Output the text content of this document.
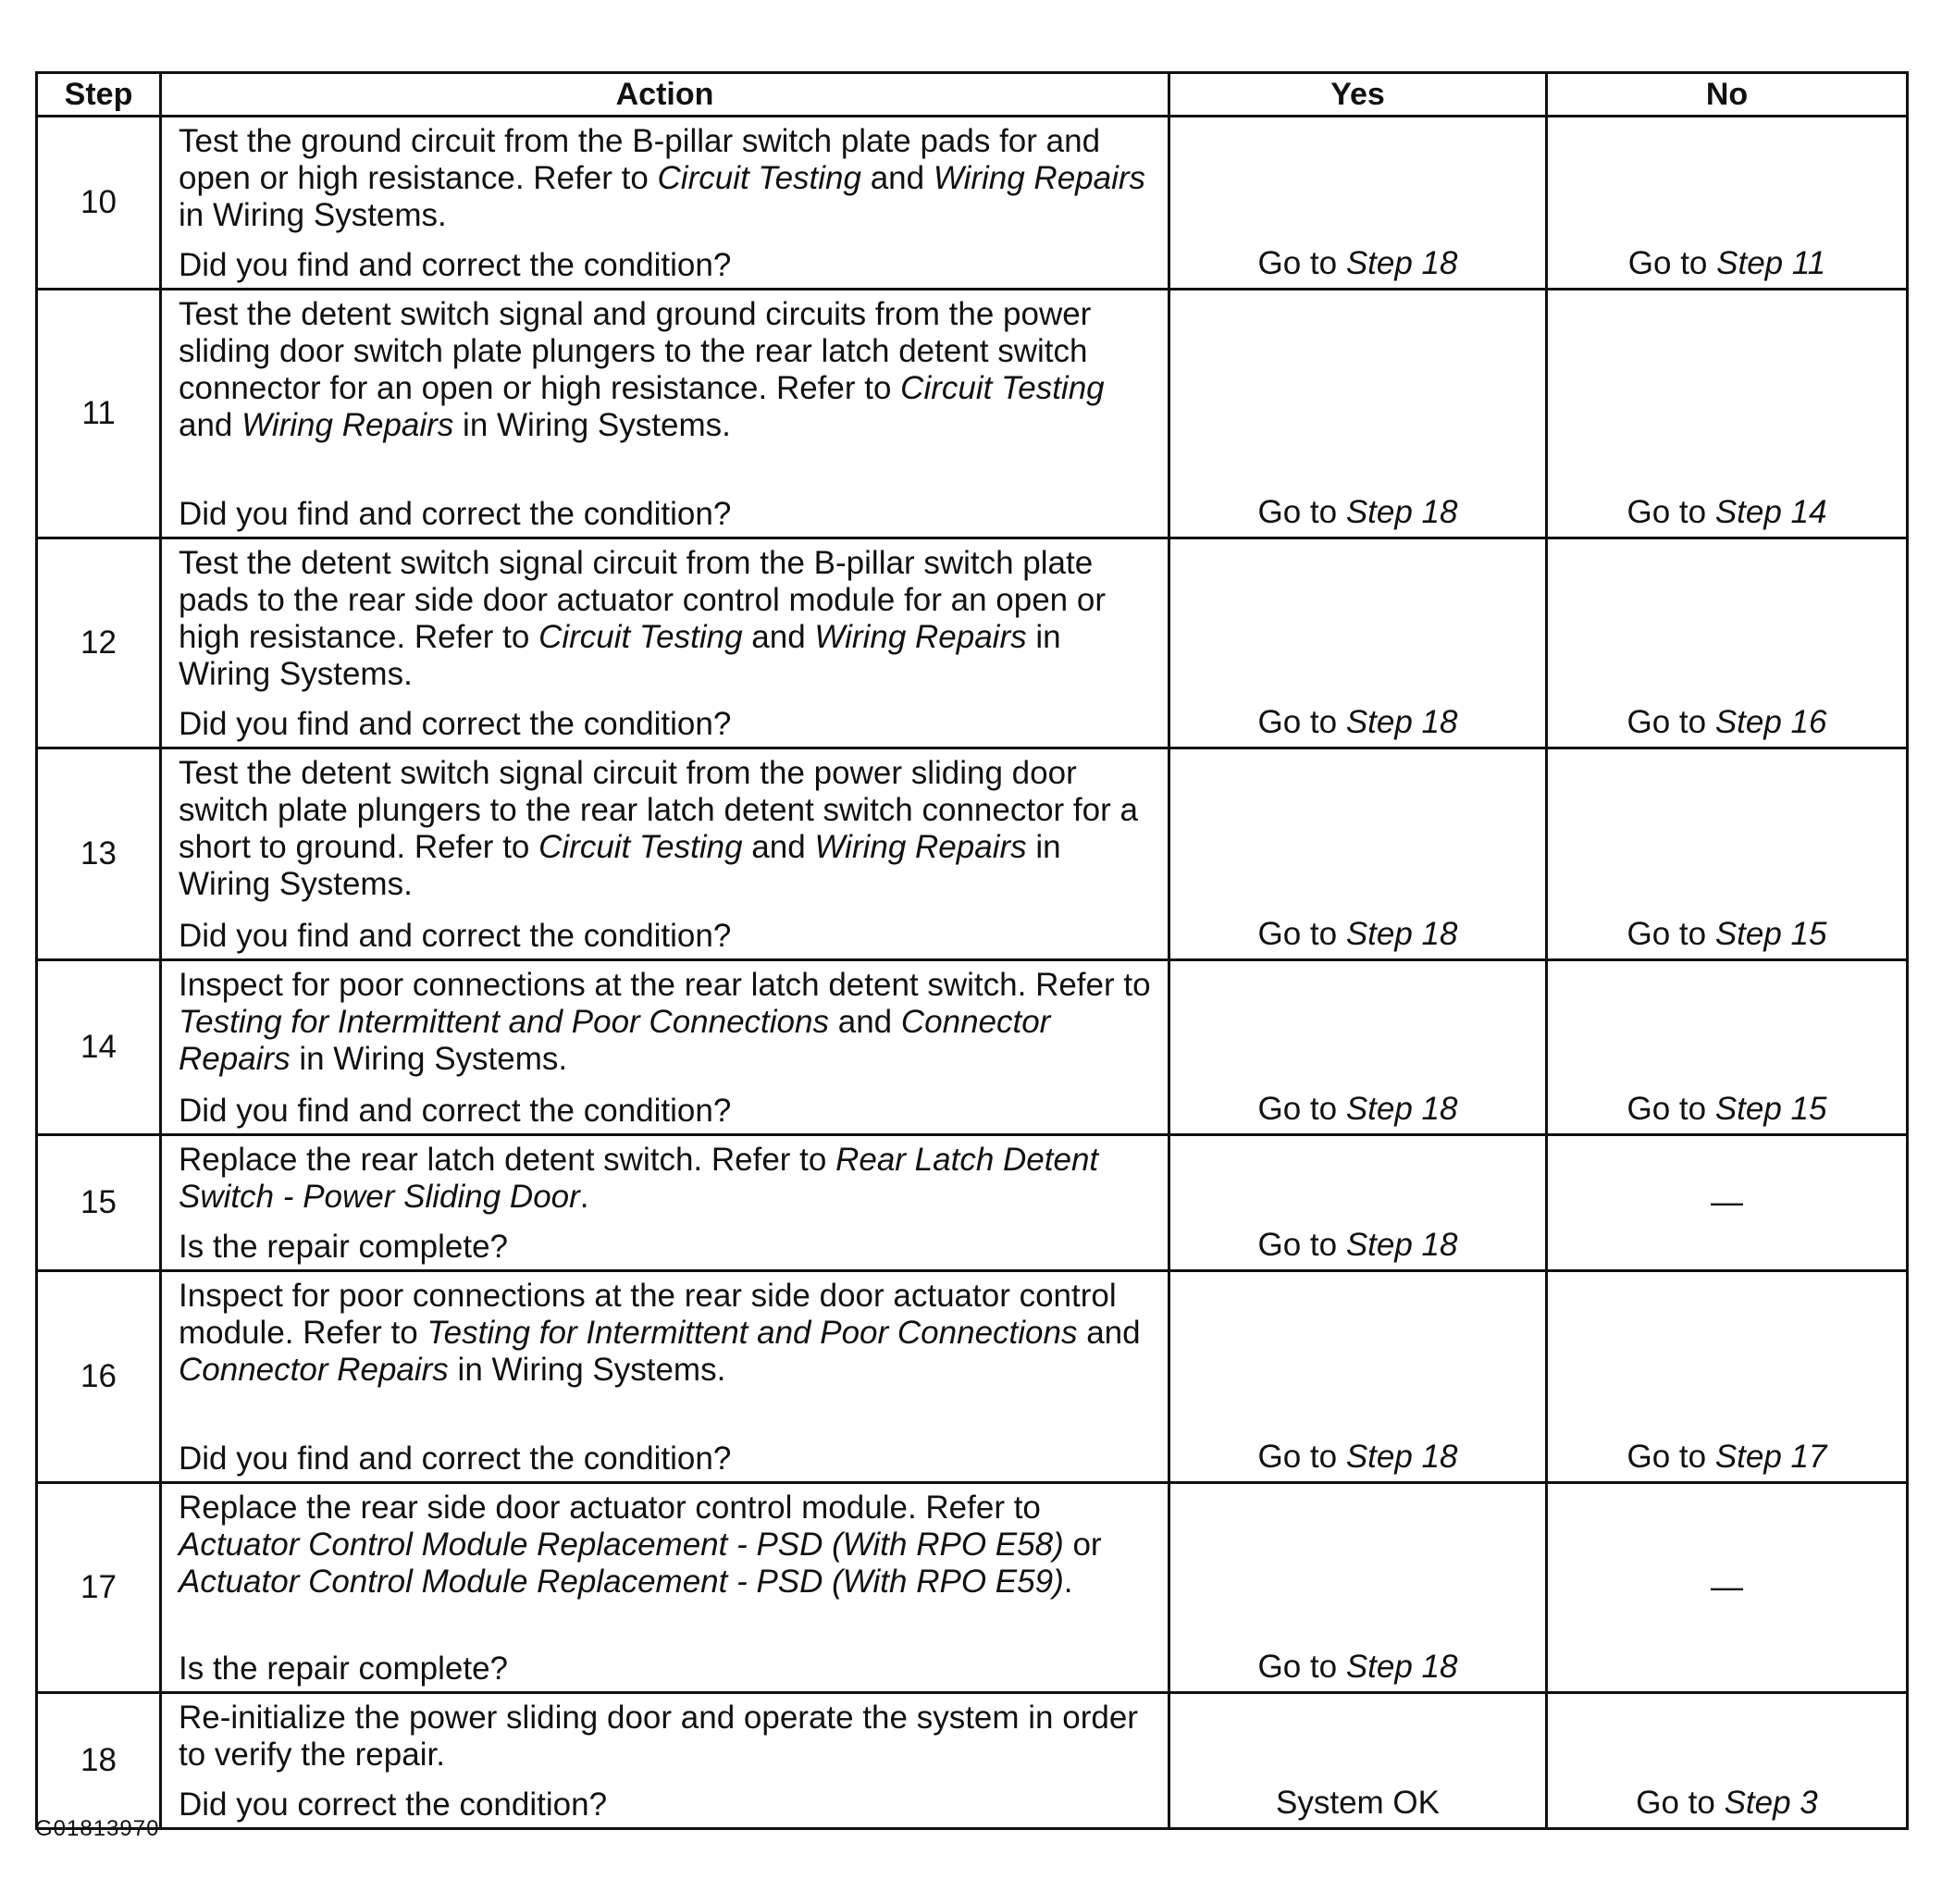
Step	Action	Yes	No
10	Test the ground circuit from the B-pillar switch plate pads for and open or high resistance. Refer to Circuit Testing and Wiring Repairs in Wiring Systems.
Did you find and correct the condition?	Go to Step 18	Go to Step 11
11	Test the detent switch signal and ground circuits from the power sliding door switch plate plungers to the rear latch detent switch connector for an open or high resistance. Refer to Circuit Testing and Wiring Repairs in Wiring Systems.
Did you find and correct the condition?	Go to Step 18	Go to Step 14
12	Test the detent switch signal circuit from the B-pillar switch plate pads to the rear side door actuator control module for an open or high resistance. Refer to Circuit Testing and Wiring Repairs in Wiring Systems.
Did you find and correct the condition?	Go to Step 18	Go to Step 16
13	Test the detent switch signal circuit from the power sliding door switch plate plungers to the rear latch detent switch connector for a short to ground. Refer to Circuit Testing and Wiring Repairs in Wiring Systems.
Did you find and correct the condition?	Go to Step 18	Go to Step 15
14	Inspect for poor connections at the rear latch detent switch. Refer to Testing for Intermittent and Poor Connections and Connector Repairs in Wiring Systems.
Did you find and correct the condition?	Go to Step 18	Go to Step 15
15	Replace the rear latch detent switch. Refer to Rear Latch Detent Switch - Power Sliding Door.
Is the repair complete?	Go to Step 18	—
16	Inspect for poor connections at the rear side door actuator control module. Refer to Testing for Intermittent and Poor Connections and Connector Repairs in Wiring Systems.
Did you find and correct the condition?	Go to Step 18	Go to Step 17
17	Replace the rear side door actuator control module. Refer to Actuator Control Module Replacement - PSD (With RPO E58) or Actuator Control Module Replacement - PSD (With RPO E59).
Is the repair complete?	Go to Step 18	—
18	Re-initialize the power sliding door and operate the system in order to verify the repair.
Did you correct the condition?	System OK	Go to Step 3
G01813970
